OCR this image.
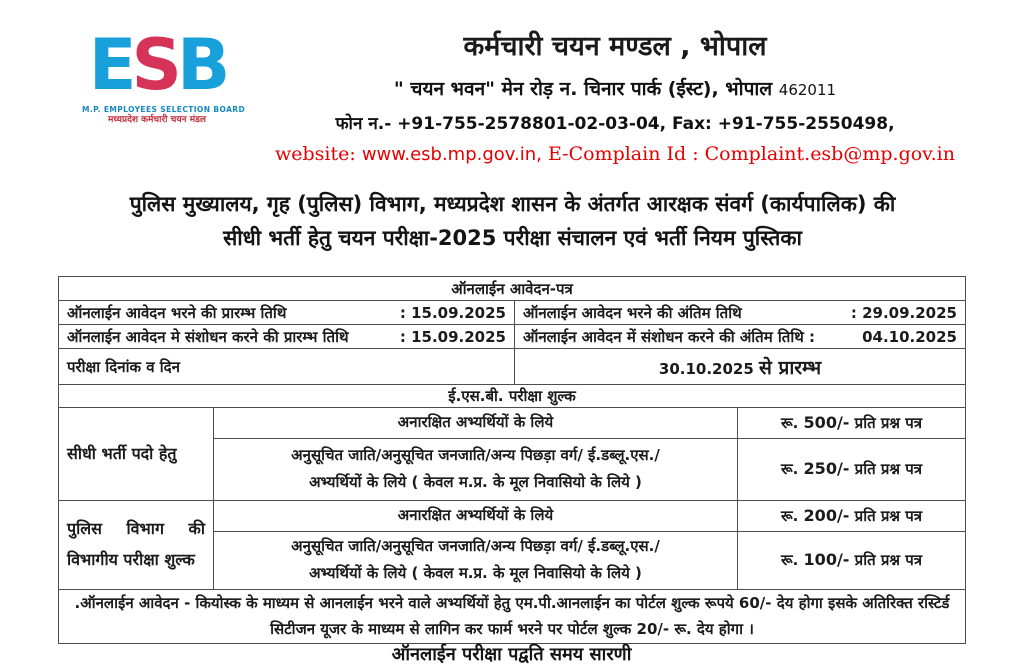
ESB
M.P. EMPLOYEES SELECTION BOARD
मध्यप्रदेश कर्मचारी चयन मंडल
कर्मचारी चयन मण्डल , भोपाल
" चयन भवन" मेन रोड़ न. चिनार पार्क (ईस्ट), भोपाल 462011
फोन न.- +91-755-2578801-02-03-04, Fax: +91-755-2550498,
website: www.esb.mp.gov.in, E-Complain Id : Complaint.esb@mp.gov.in
पुलिस मुख्यालय, गृह (पुलिस) विभाग, मध्यप्रदेश शासन के अंतर्गत आरक्षक संवर्ग (कार्यपालिक) की
सीधी भर्ती हेतु चयन परीक्षा-2025 परीक्षा संचालन एवं भर्ती नियम पुस्तिका
ऑनलाईन आवेदन-पत्र			

ऑनलाईन आवेदन भरने की प्रारम्भ तिथि : 15.09.2025		ऑनलाईन आवेदन भरने की अंतिम तिथि : 29.09.2025	

ऑनलाईन आवेदन मे संशोधन करने की प्रारम्भ तिथि : 15.09.2025		ऑनलाईन आवेदन में संशोधन करने की अंतिम तिथि : 04.10.2025	

परीक्षा दिनांक व दिन		30.10.2025 से प्रारम्भ	
ई.एस.बी. परीक्षा शुल्क			
सीधी भर्ती पदो हेतु	अनारक्षित अभ्यर्थियों के लिये		रू. 500/- प्रति प्रश्न पत्र

	अनुसूचित जाति/अनुसूचित जनजाति/अन्य पिछड़ा वर्ग/ ई.डब्लू.एस./
अभ्यर्थियों के लिये ( केवल म.प्र. के मूल निवासियो के लिये )		रू. 250/- प्रति प्रश्न पत्र
पुलिस विभाग की विभागीय परीक्षा शुल्क	अनारक्षित अभ्यर्थियों के लिये		रू. 200/- प्रति प्रश्न पत्र

	अनुसूचित जाति/अनुसूचित जनजाति/अन्य पिछड़ा वर्ग/ ई.डब्लू.एस./
अभ्यर्थियों के लिये ( केवल म.प्र. के मूल निवासियो के लिये )		रू. 100/- प्रति प्रश्न पत्र
.ऑनलाईन आवेदन - कियोस्क के माध्यम से आनलाईन भरने वाले अभ्यर्थियों हेतु एम.पी.आनलाईन का पोर्टल शुल्क रूपये 60/- देय होगा इसके अतिरिक्त रस्टिर्ड सिटीजन यूजर के माध्यम से लागिन कर फार्म भरने पर पोर्टल शुल्क 20/- रू. देय होगा ।			
ऑनलाईन परीक्षा पद्वति समय सारणी
